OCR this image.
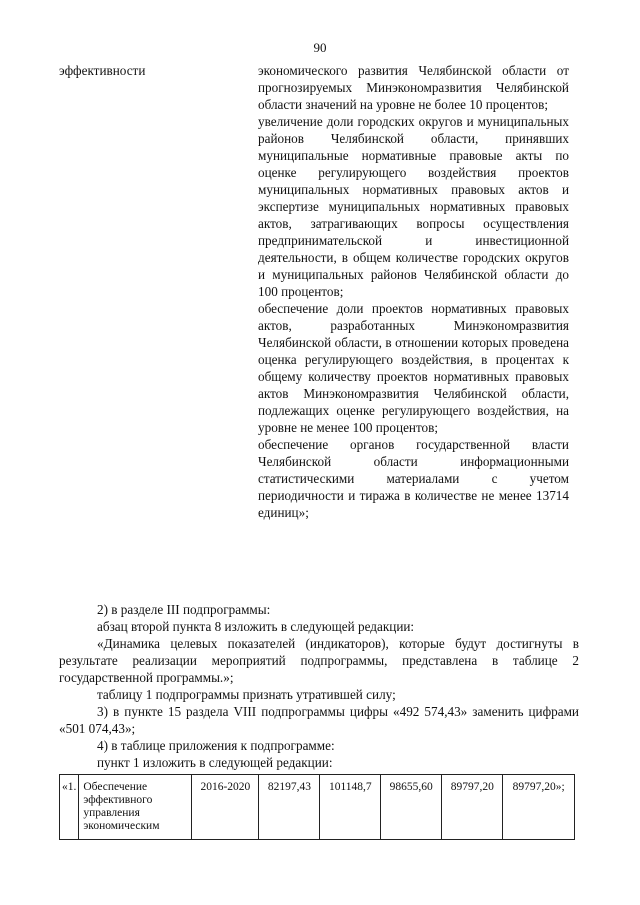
90
эффективности	экономического развития Челябинской области от прогнозируемых Минэкономразвития Челябинской области значений на уровне не более 10 процентов;

увеличение доли городских округов и муниципальных районов Челябинской области, принявших муниципальные нормативные правовые акты по оценке регулирующего воздействия проектов муниципальных нормативных правовых актов и экспертизе муниципальных нормативных правовых актов, затрагивающих вопросы осуществления предпринимательской и инвестиционной деятельности, в общем количестве городских округов и муниципальных районов Челябинской области до 100 процентов;

обеспечение доли проектов нормативных правовых актов, разработанных Минэкономразвития Челябинской области, в отношении которых проведена оценка регулирующего воздействия, в процентах к общему количеству проектов нормативных правовых актов Минэкономразвития Челябинской области, подлежащих оценке регулирующего воздействия, на уровне не менее 100 процентов;

обеспечение органов государственной власти Челябинской области информационными статистическими материалами с учетом периодичности и тиража в количестве не менее 13714 единиц»;

2) в разделе III подпрограммы:

абзац второй пункта 8 изложить в следующей редакции:

«Динамика целевых показателей (индикаторов), которые будут достигнуты в результате реализации мероприятий подпрограммы, представлена в таблице 2 государственной программы.»;

таблицу 1 подпрограммы признать утратившей силу;

3) в пункте 15 раздела VIII подпрограммы цифры «492 574,43» заменить цифрами «501 074,43»;

4) в таблице приложения к подпрограмме:

пункт 1 изложить в следующей редакции:

«1.	Обеспечение эффективного управления экономическим	2016-2020	82197,43	101148,7	98655,60	89797,20	89797,20»;
